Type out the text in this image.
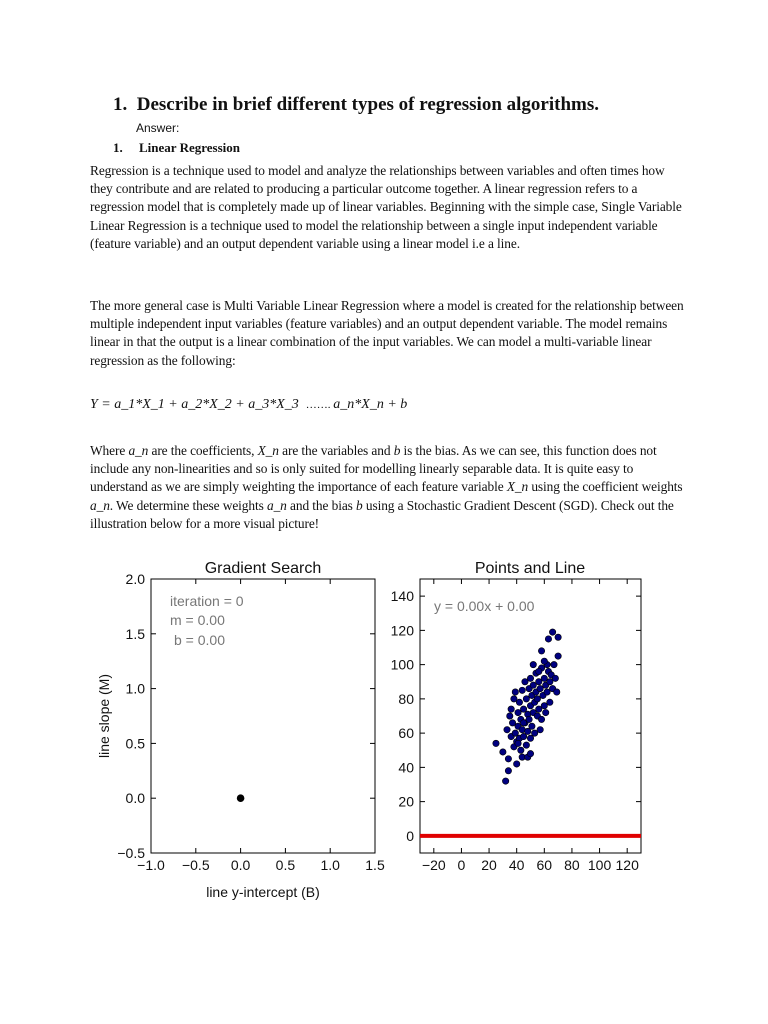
1. Describe in brief different types of regression algorithms.
Answer:
1. Linear Regression

Regression is a technique used to model and analyze the relationships between variables and often times how they contribute and are related to producing a particular outcome together. A linear regression refers to a regression model that is completely made up of linear variables. Beginning with the simple case, Single Variable Linear Regression is a technique used to model the relationship between a single input independent variable (feature variable) and an output dependent variable using a linear model i.e a line.

The more general case is Multi Variable Linear Regression where a model is created for the relationship between multiple independent input variables (feature variables) and an output dependent variable. The model remains linear in that the output is a linear combination of the input variables. We can model a multi-variable linear regression as the following:

Y = a_1*X_1 + a_2*X_2 + a_3*X_3 ……. a_n*X_n + b

Where a_n are the coefficients, X_n are the variables and b is the bias. As we can see, this function does not include any non-linearities and so is only suited for modelling linearly separable data. It is quite easy to understand as we are simply weighting the importance of each feature variable X_n using the coefficient weights a_n. We determine these weights a_n and the bias b using a Stochastic Gradient Descent (SGD). Check out the illustration below for a more visual picture!

Gradient Search
−1.0 −0.5 0.0 0.5 1.0 1.5
−0.5
0.0
0.5
1.0
1.5
2.0
line y-intercept (B)
line slope (M)
iteration = 0
m = 0.00
b = 0.00
Points and Line
−20 0 20 40 60 80 100 120
0
20
40
60
80
100
120
140
y = 0.00x + 0.00
